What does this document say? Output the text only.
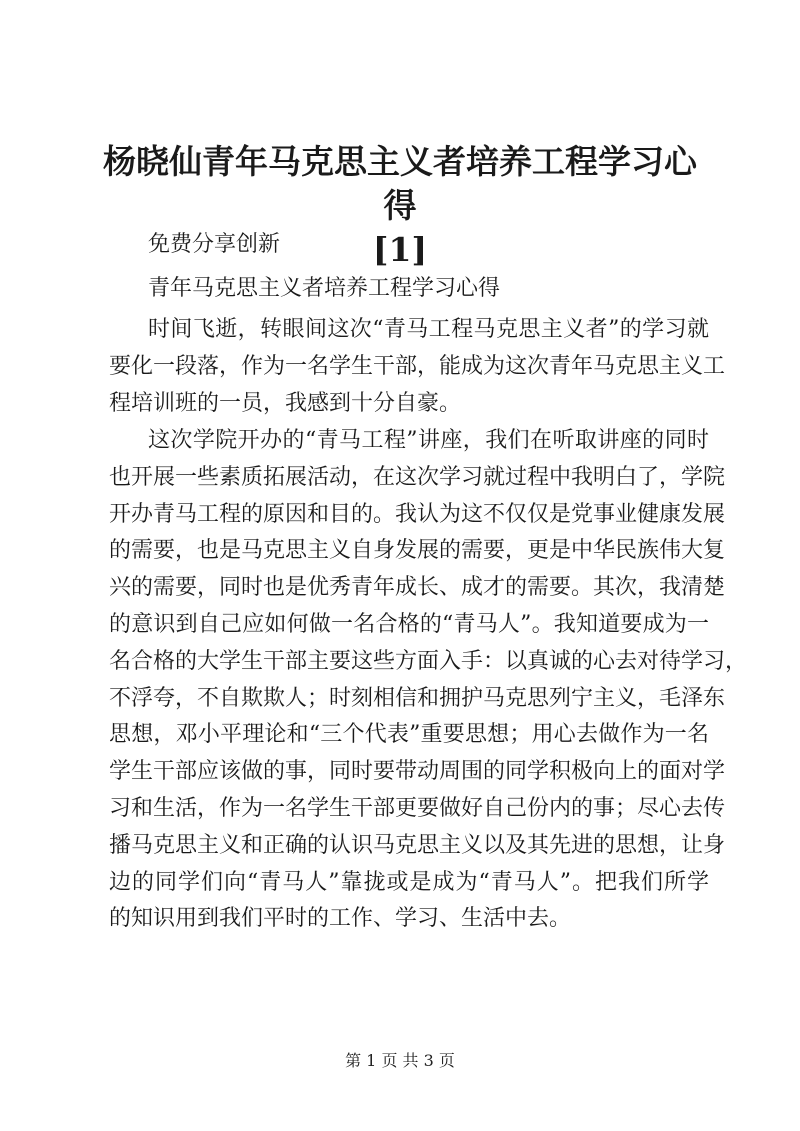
杨晓仙青年马克思主义者培养工程学习心得
[1]

免费分享创新

青年马克思主义者培养工程学习心得

时间飞逝，转眼间这次“青马工程马克思主义者”的学习就
要化一段落，作为一名学生干部，能成为这次青年马克思主义工
程培训班的一员，我感到十分自豪。
这次学院开办的“青马工程”讲座，我们在听取讲座的同时
也开展一些素质拓展活动，在这次学习就过程中我明白了，学院
开办青马工程的原因和目的。我认为这不仅仅是党事业健康发展
的需要，也是马克思主义自身发展的需要，更是中华民族伟大复
兴的需要，同时也是优秀青年成长、成才的需要。其次，我清楚
的意识到自己应如何做一名合格的“青马人”。我知道要成为一
名合格的大学生干部主要这些方面入手：以真诚的心去对待学习，
不浮夸，不自欺欺人；时刻相信和拥护马克思列宁主义，毛泽东
思想，邓小平理论和“三个代表”重要思想；用心去做作为一名
学生干部应该做的事，同时要带动周围的同学积极向上的面对学
习和生活，作为一名学生干部更要做好自己份内的事；尽心去传
播马克思主义和正确的认识马克思主义以及其先进的思想，让身
边的同学们向“青马人”靠拢或是成为“青马人”。把我们所学
的知识用到我们平时的工作、学习、生活中去。
第 1 页 共 3 页
